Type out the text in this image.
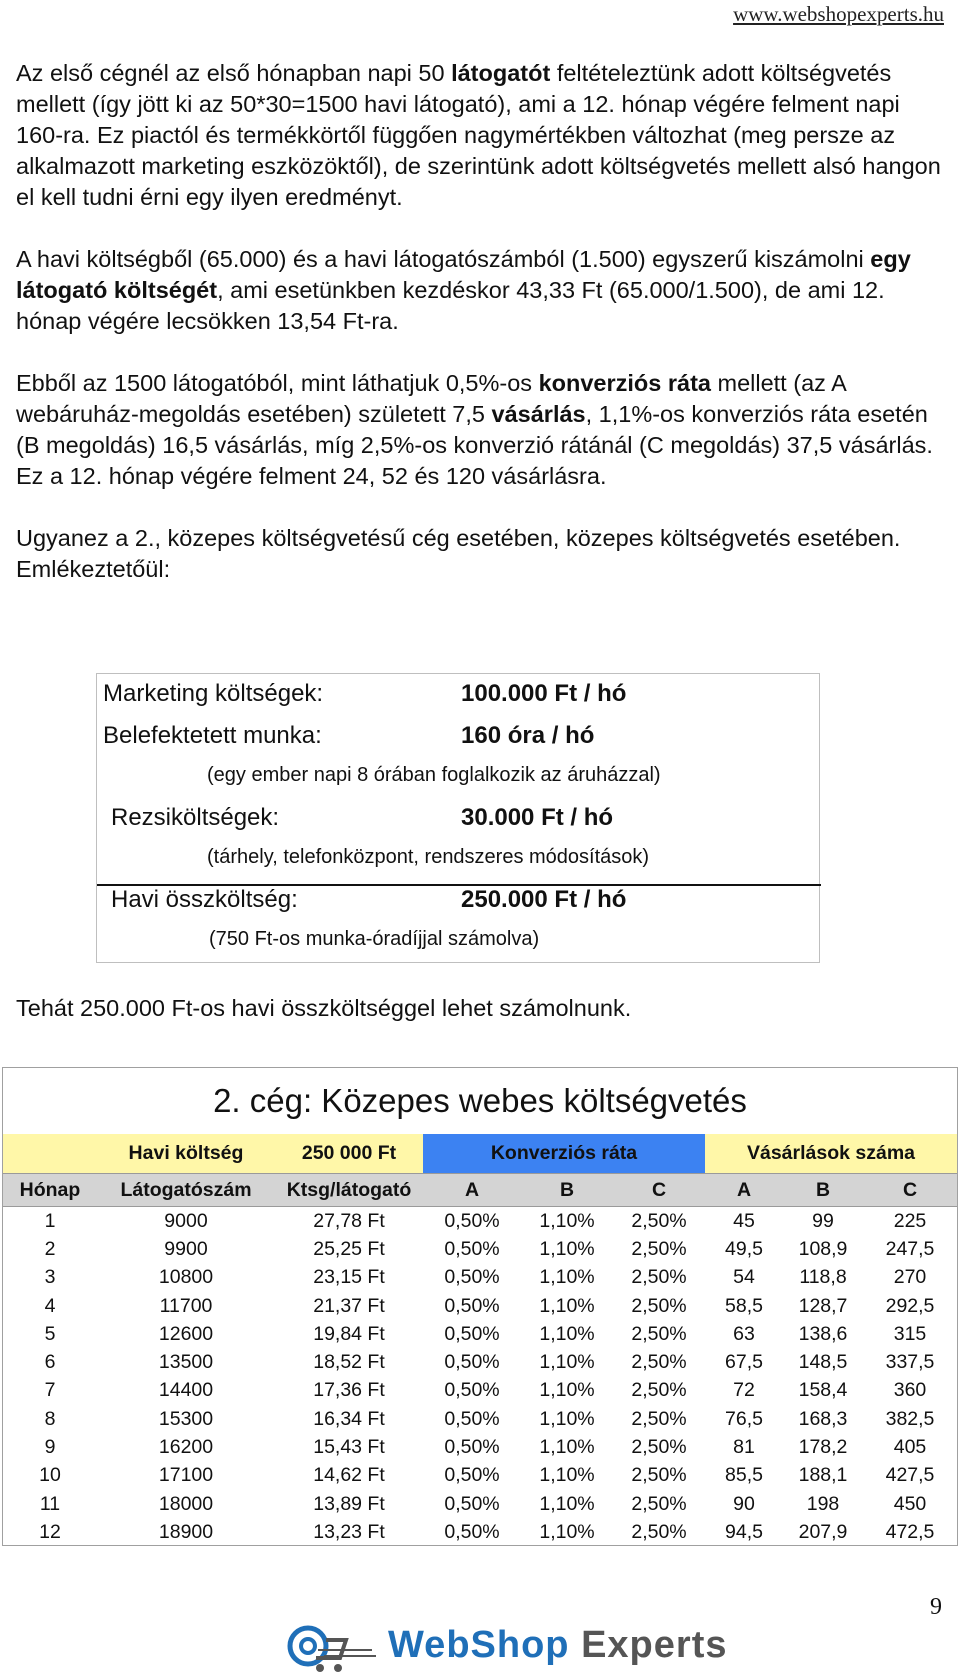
www.webshopexperts.hu

Az első cégnél az első hónapban napi 50 látogatót feltételeztünk adott költségvetés mellett (így jött ki az 50*30=1500 havi látogató), ami a 12. hónap végére felment napi 160-ra. Ez piactól és termékkörtől függően nagymértékben változhat (meg persze az alkalmazott marketing eszközöktől), de szerintünk adott költségvetés mellett alsó hangon el kell tudni érni egy ilyen eredményt.

A havi költségből (65.000) és a havi látogatószámból (1.500) egyszerű kiszámolni egy látogató költségét, ami esetünkben kezdéskor 43,33 Ft (65.000/1.500), de ami 12. hónap végére lecsökken 13,54 Ft-ra.

Ebből az 1500 látogatóból, mint láthatjuk 0,5%-os konverziós ráta mellett (az A webáruház-megoldás esetében) született 7,5 vásárlás, 1,1%-os konverziós ráta esetén (B megoldás) 16,5 vásárlás, míg 2,5%-os konverzió rátánál (C megoldás) 37,5 vásárlás. Ez a 12. hónap végére felment 24, 52 és 120 vásárlásra.

Ugyanez a 2., közepes költségvetésű cég esetében, közepes költségvetés esetében. Emlékeztetőül:

Marketing költségek:	100.000 Ft / hó
Belefektetett munka:	160 óra / hó
(egy ember napi 8 órában foglalkozik az áruházzal)
Rezsiköltségek:	30.000 Ft / hó
(tárhely, telefonközpont, rendszeres módosítások)
Havi összköltség:	250.000 Ft / hó
(750 Ft-os munka-óradíjjal számolva)
Tehát 250.000 Ft-os havi összköltséggel lehet számolnunk.
2. cég: Közepes webes költségvetés
	Havi költség	250 000 Ft	Konverziós ráta			Vásárlások száma		
Hónap	Látogatószám	Ktsg/látogató	A	B	C	A	B	C
1	9000	27,78 Ft	0,50%	1,10%	2,50%	45	99	225
2	9900	25,25 Ft	0,50%	1,10%	2,50%	49,5	108,9	247,5
3	10800	23,15 Ft	0,50%	1,10%	2,50%	54	118,8	270
4	11700	21,37 Ft	0,50%	1,10%	2,50%	58,5	128,7	292,5
5	12600	19,84 Ft	0,50%	1,10%	2,50%	63	138,6	315
6	13500	18,52 Ft	0,50%	1,10%	2,50%	67,5	148,5	337,5
7	14400	17,36 Ft	0,50%	1,10%	2,50%	72	158,4	360
8	15300	16,34 Ft	0,50%	1,10%	2,50%	76,5	168,3	382,5
9	16200	15,43 Ft	0,50%	1,10%	2,50%	81	178,2	405
10	17100	14,62 Ft	0,50%	1,10%	2,50%	85,5	188,1	427,5
11	18000	13,89 Ft	0,50%	1,10%	2,50%	90	198	450
12	18900	13,23 Ft	0,50%	1,10%	2,50%	94,5	207,9	472,5
9
WebShop Experts
